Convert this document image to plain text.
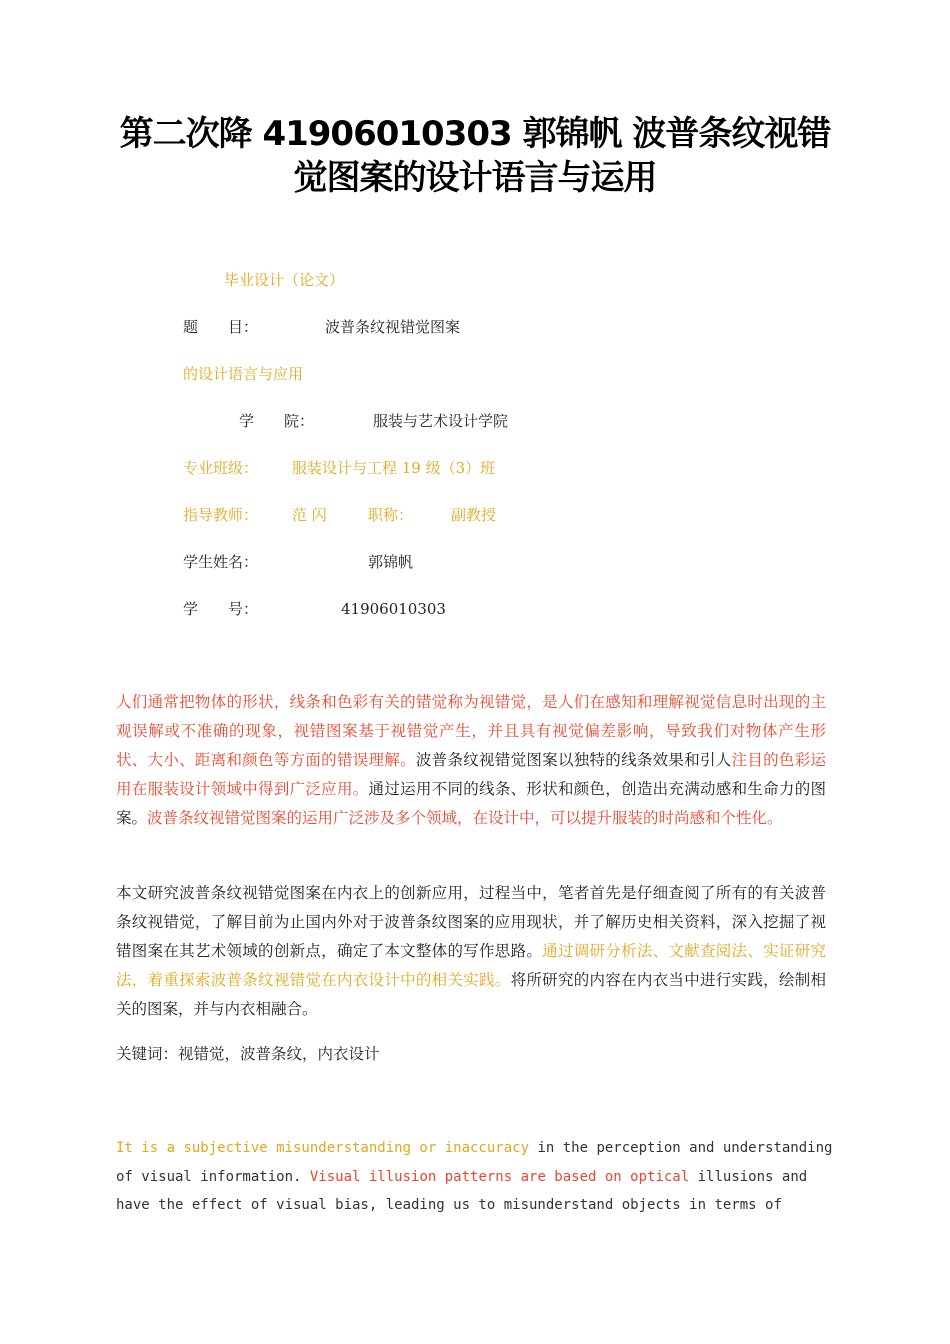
第二次降 41906010303 郭锦帆 波普条纹视错
觉图案的设计语言与运用
毕业设计（论文）
题　　目：	波普条纹视错觉图案
的设计语言与应用
学　　院：	服装与艺术设计学院
专业班级： 服装设计与工程 19 级（3）班
指导教师： 范 闪	职称：	副教授
学生姓名：	郭锦帆
学　　号：	41906010303
人们通常把物体的形状，线条和色彩有关的错觉称为视错觉，是人们在感知和理解视觉信息时出现的主观误解或不准确的现象，视错图案基于视错觉产生，并且具有视觉偏差影响，导致我们对物体产生形状、大小、距离和颜色等方面的错误理解。波普条纹视错觉图案以独特的线条效果和引人注目的色彩运用在服装设计领域中得到广泛应用。通过运用不同的线条、形状和颜色，创造出充满动感和生命力的图案。波普条纹视错觉图案的运用广泛涉及多个领域，在设计中，可以提升服装的时尚感和个性化。
本文研究波普条纹视错觉图案在内衣上的创新应用，过程当中，笔者首先是仔细查阅了所有的有关波普条纹视错觉，了解目前为止国内外对于波普条纹图案的应用现状，并了解历史相关资料，深入挖掘了视错图案在其艺术领域的创新点，确定了本文整体的写作思路。通过调研分析法、文献查阅法、实证研究法，着重探索波普条纹视错觉在内衣设计中的相关实践。将所研究的内容在内衣当中进行实践，绘制相关的图案，并与内衣相融合。
关键词：视错觉，波普条纹，内衣设计
It is a subjective misunderstanding or inaccuracy in the perception and understanding of visual information. Visual illusion patterns are based on optical illusions and have the effect of visual bias, leading us to misunderstand objects in terms of
